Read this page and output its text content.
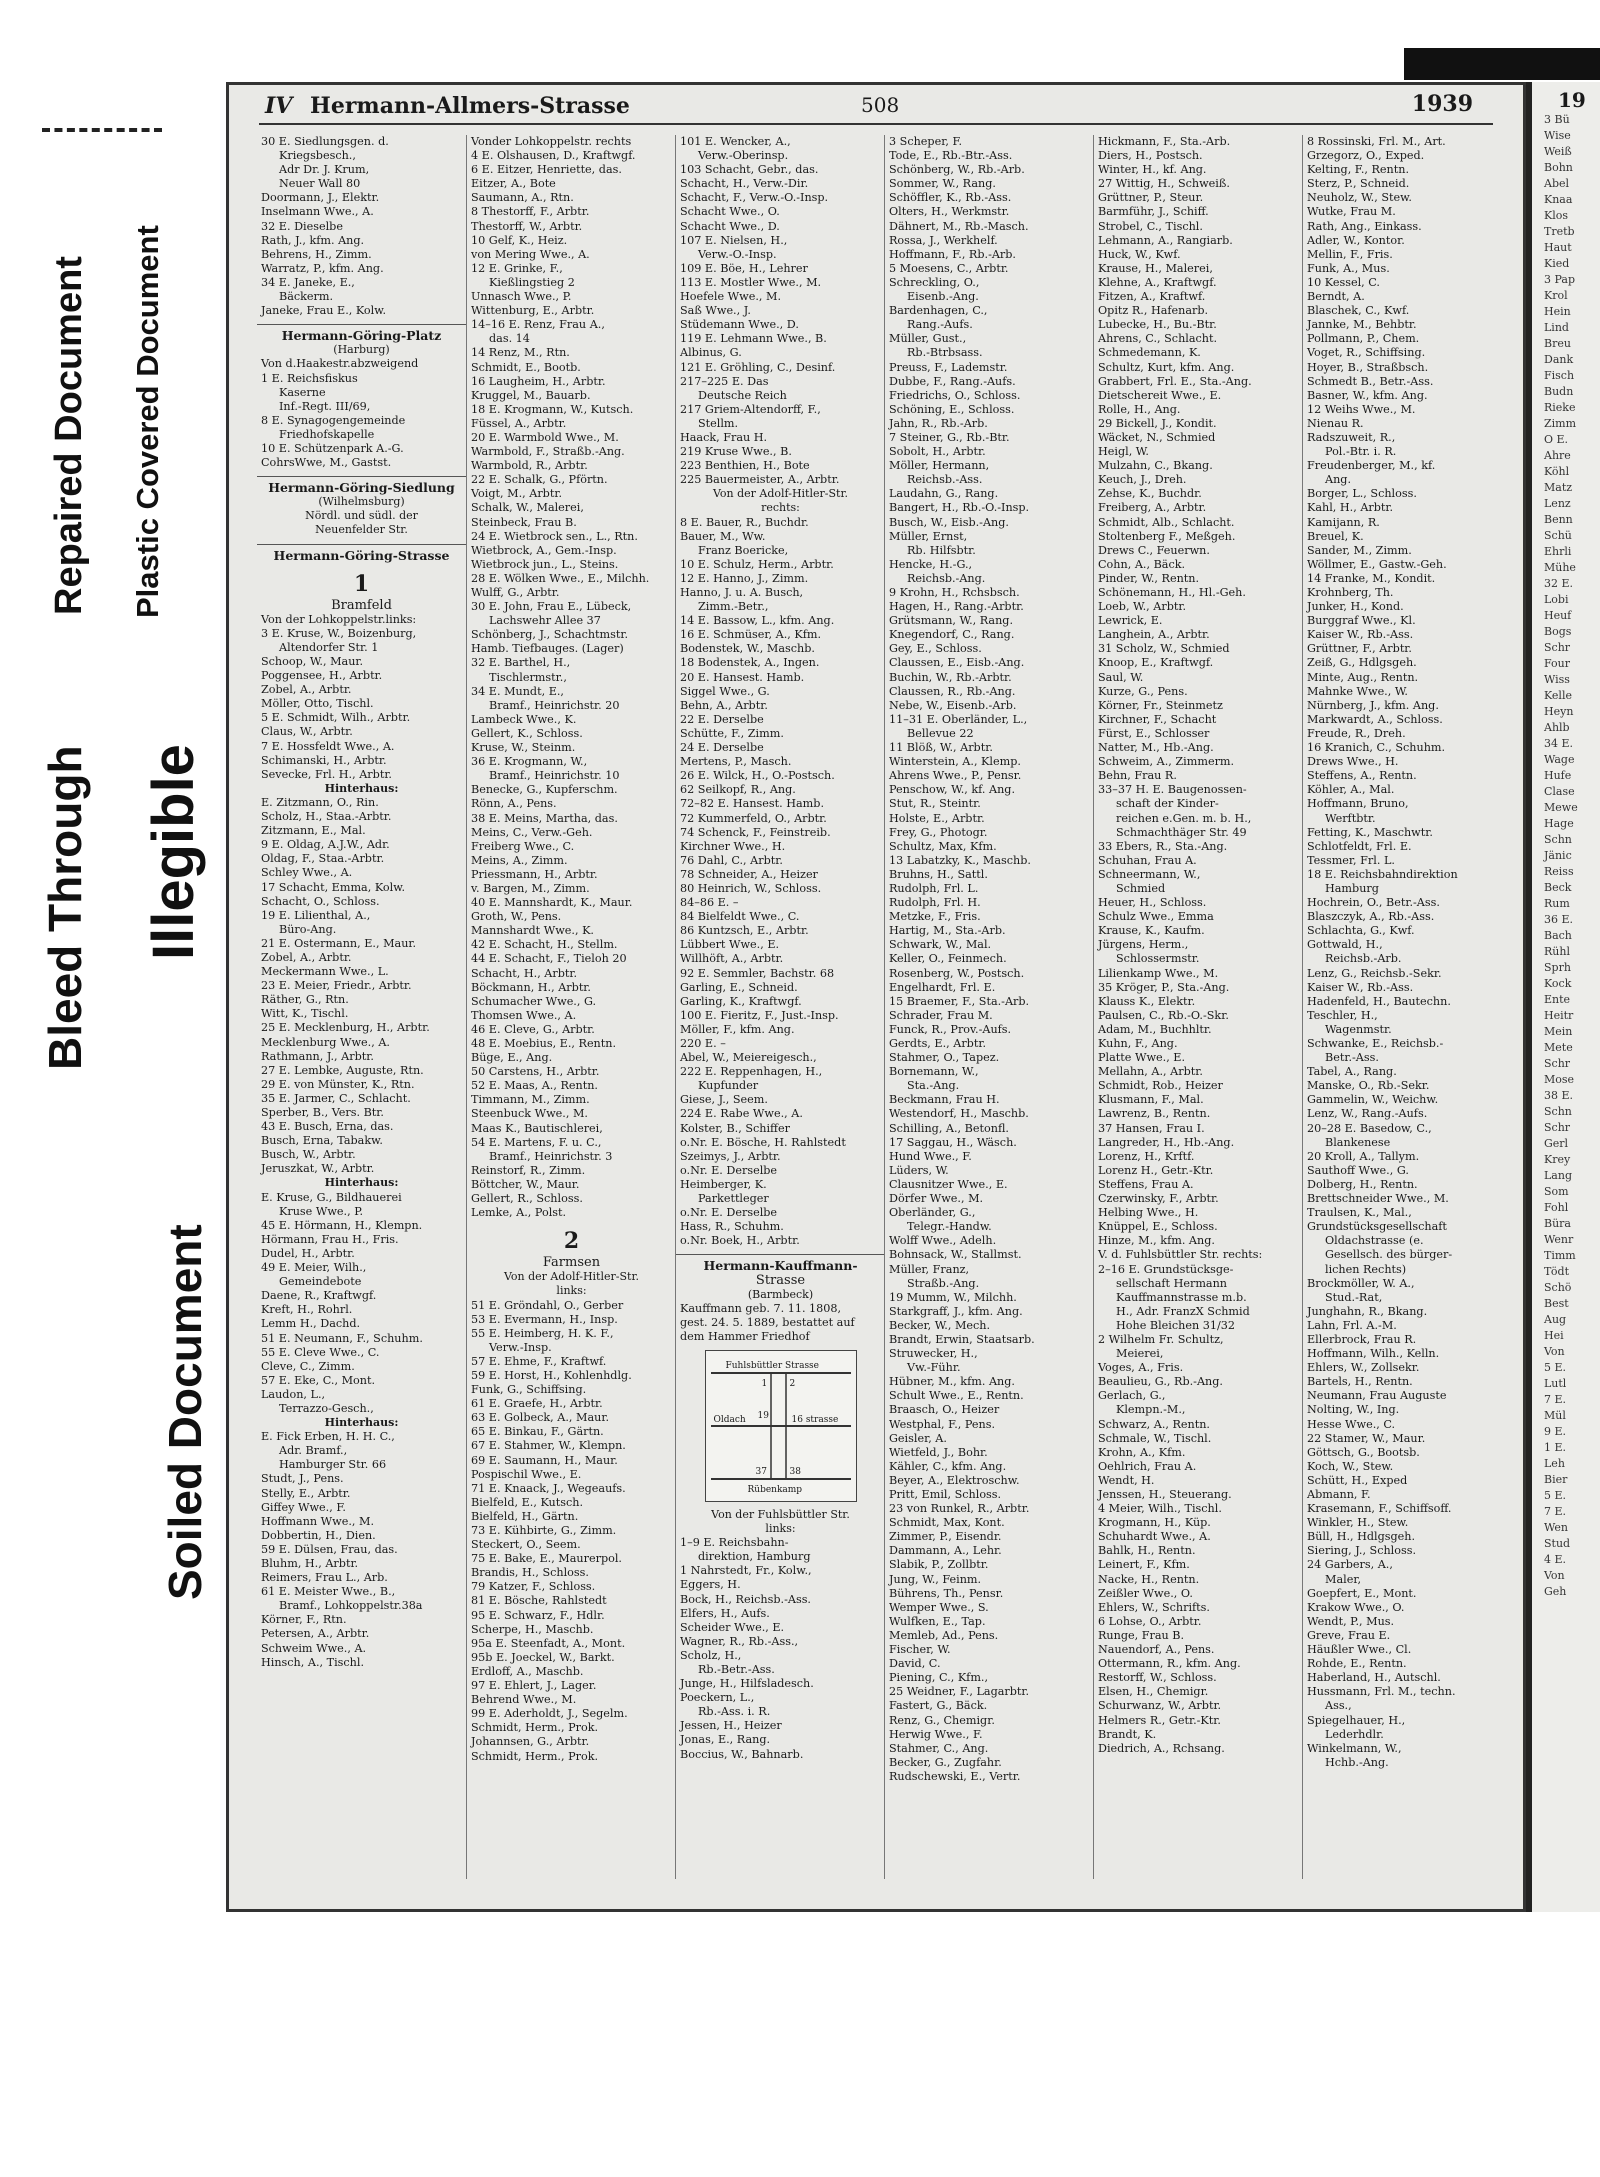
Bleed Through
Repaired Document Plastic Covered Document
Illegible
Soiled Document
IV Hermann-Allmers-Strasse	508	1939
30 E. Siedlungsgen. d.
Kriegsbesch.,
Adr Dr. J. Krum,
Neuer Wall 80
Doormann, J., Elektr.
Inselmann Wwe., A.
32 E. Dieselbe
Rath, J., kfm. Ang.
Behrens, H., Zimm.
Warratz, P., kfm. Ang.
34 E. Janeke, E.,
Bäckerm.
Janeke, Frau E., Kolw.
Hermann-Göring-Platz
(Harburg)
Von d.Haakestr.abzweigend
1 E. Reichsfiskus
Kaserne
Inf.-Regt. III/69,
8 E. Synagogengemeinde
Friedhofskapelle
10 E. Schützenpark A.-G.
CohrsWwe, M., Gastst.
Hermann-Göring-Siedlung
(Wilhelmsburg)
Nördl. und südl. der
Neuenfelder Str.
Hermann-Göring-Strasse
1
Bramfeld
Von der Lohkoppelstr.links:
3 E. Kruse, W., Boizenburg,
Altendorfer Str. 1
Schoop, W., Maur.
Poggensee, H., Arbtr.
Zobel, A., Arbtr.
Möller, Otto, Tischl.
5 E. Schmidt, Wilh., Arbtr.
Claus, W., Arbtr.
7 E. Hossfeldt Wwe., A.
Schimanski, H., Arbtr.
Sevecke, Frl. H., Arbtr.
Hinterhaus:
E. Zitzmann, O., Rin.
Scholz, H., Staa.-Arbtr.
Zitzmann, E., Mal.
9 E. Oldag, A.J.W., Adr.
Oldag, F., Staa.-Arbtr.
Schley Wwe., A.
17 Schacht, Emma, Kolw.
Schacht, O., Schloss.
19 E. Lilienthal, A.,
Büro-Ang.
21 E. Ostermann, E., Maur.
Zobel, A., Arbtr.
Meckermann Wwe., L.
23 E. Meier, Friedr., Arbtr.
Räther, G., Rtn.
Witt, K., Tischl.
25 E. Mecklenburg, H., Arbtr.
Mecklenburg Wwe., A.
Rathmann, J., Arbtr.
27 E. Lembke, Auguste, Rtn.
29 E. von Münster, K., Rtn.
35 E. Jarmer, C., Schlacht.
Sperber, B., Vers. Btr.
43 E. Busch, Erna, das.
Busch, Erna, Tabakw.
Busch, W., Arbtr.
Jeruszkat, W., Arbtr.
Hinterhaus:
E. Kruse, G., Bildhauerei
Kruse Wwe., P.
45 E. Hörmann, H., Klempn.
Hörmann, Frau H., Fris.
Dudel, H., Arbtr.
49 E. Meier, Wilh.,
Gemeindebote
Daene, R., Kraftwgf.
Kreft, H., Rohrl.
Lemm H., Dachd.
51 E. Neumann, F., Schuhm.
55 E. Cleve Wwe., C.
Cleve, C., Zimm.
57 E. Eke, C., Mont.
Laudon, L.,
Terrazzo-Gesch.,
Hinterhaus:
E. Fick Erben, H. H. C.,
Adr. Bramf.,
Hamburger Str. 66
Studt, J., Pens.
Stelly, E., Arbtr.
Giffey Wwe., F.
Hoffmann Wwe., M.
Dobbertin, H., Dien.
59 E. Dülsen, Frau, das.
Bluhm, H., Arbtr.
Reimers, Frau L., Arb.
61 E. Meister Wwe., B.,
Bramf., Lohkoppelstr.38a
Körner, F., Rtn.
Petersen, A., Arbtr.
Schweim Wwe., A.
Hinsch, A., Tischl.
Vonder Lohkoppelstr. rechts
4 E. Olshausen, D., Kraftwgf.
6 E. Eitzer, Henriette, das.
Eitzer, A., Bote
Saumann, A., Rtn.
8 Thestorff, F., Arbtr.
Thestorff, W., Arbtr.
10 Gelf, K., Heiz.
von Mering Wwe., A.
12 E. Grinke, F.,
Kießlingstieg 2
Unnasch Wwe., P.
Wittenburg, E., Arbtr.
14–16 E. Renz, Frau A.,
das. 14
14 Renz, M., Rtn.
Schmidt, E., Bootb.
16 Laugheim, H., Arbtr.
Kruggel, M., Bauarb.
18 E. Krogmann, W., Kutsch.
Füssel, A., Arbtr.
20 E. Warmbold Wwe., M.
Warmbold, F., Straßb.-Ang.
Warmbold, R., Arbtr.
22 E. Schalk, G., Pförtn.
Voigt, M., Arbtr.
Schalk, W., Malerei,
Steinbeck, Frau B.
24 E. Wietbrock sen., L., Rtn.
Wietbrock, A., Gem.-Insp.
Wietbrock jun., L., Steins.
28 E. Wölken Wwe., E., Milchh.
Wulff, G., Arbtr.
30 E. John, Frau E., Lübeck,
Lachswehr Allee 37
Schönberg, J., Schachtmstr.
Hamb. Tiefbauges. (Lager)
32 E. Barthel, H.,
Tischlermstr.,
34 E. Mundt, E.,
Bramf., Heinrichstr. 20
Lambeck Wwe., K.
Gellert, K., Schloss.
Kruse, W., Steinm.
36 E. Krogmann, W.,
Bramf., Heinrichstr. 10
Benecke, G., Kupferschm.
Rönn, A., Pens.
38 E. Meins, Martha, das.
Meins, C., Verw.-Geh.
Freiberg Wwe., C.
Meins, A., Zimm.
Priessmann, H., Arbtr.
v. Bargen, M., Zimm.
40 E. Mannshardt, K., Maur.
Groth, W., Pens.
Mannshardt Wwe., K.
42 E. Schacht, H., Stellm.
44 E. Schacht, F., Tieloh 20
Schacht, H., Arbtr.
Böckmann, H., Arbtr.
Schumacher Wwe., G.
Thomsen Wwe., A.
46 E. Cleve, G., Arbtr.
48 E. Moebius, E., Rentn.
Büge, E., Ang.
50 Carstens, H., Arbtr.
52 E. Maas, A., Rentn.
Timmann, M., Zimm.
Steenbuck Wwe., M.
Maas K., Bautischlerei,
54 E. Martens, F. u. C.,
Bramf., Heinrichstr. 3
Reinstorf, R., Zimm.
Böttcher, W., Maur.
Gellert, R., Schloss.
Lemke, A., Polst.
2
Farmsen
Von der Adolf-Hitler-Str.
links:
51 E. Gröndahl, O., Gerber
53 E. Evermann, H., Insp.
55 E. Heimberg, H. K. F.,
Verw.-Insp.
57 E. Ehme, F., Kraftwf.
59 E. Horst, H., Kohlenhdlg.
Funk, G., Schiffsing.
61 E. Graefe, H., Arbtr.
63 E. Golbeck, A., Maur.
65 E. Binkau, F., Gärtn.
67 E. Stahmer, W., Klempn.
69 E. Saumann, H., Maur.
Pospischil Wwe., E.
71 E. Knaack, J., Wegeaufs.
Bielfeld, E., Kutsch.
Bielfeld, H., Gärtn.
73 E. Kühbirte, G., Zimm.
Steckert, O., Seem.
75 E. Bake, E., Maurerpol.
Brandis, H., Schloss.
79 Katzer, F., Schloss.
81 E. Bösche, Rahlstedt
95 E. Schwarz, F., Hdlr.
Scherpe, H., Maschb.
95a E. Steenfadt, A., Mont.
95b E. Joeckel, W., Barkt.
Erdloff, A., Maschb.
97 E. Ehlert, J., Lager.
Behrend Wwe., M.
99 E. Aderholdt, J., Segelm.
Schmidt, Herm., Prok.
Johannsen, G., Arbtr.
Schmidt, Herm., Prok.
101 E. Wencker, A.,
Verw.-Oberinsp.
103 Schacht, Gebr., das.
Schacht, H., Verw.-Dir.
Schacht, F., Verw.-O.-Insp.
Schacht Wwe., O.
Schacht Wwe., D.
107 E. Nielsen, H.,
Verw.-O.-Insp.
109 E. Böe, H., Lehrer
113 E. Mostler Wwe., M.
Hoefele Wwe., M.
Saß Wwe., J.
Stüdemann Wwe., D.
119 E. Lehmann Wwe., B.
Albinus, G.
121 E. Gröhling, C., Desinf.
217–225 E. Das
Deutsche Reich
217 Griem-Altendorff, F.,
Stellm.
Haack, Frau H.
219 Kruse Wwe., B.
223 Benthien, H., Bote
225 Bauermeister, A., Arbtr.
Von der Adolf-Hitler-Str.
rechts:
8 E. Bauer, R., Buchdr.
Bauer, M., Ww.
Franz Boericke,
10 E. Schulz, Herm., Arbtr.
12 E. Hanno, J., Zimm.
Hanno, J. u. A. Busch,
Zimm.-Betr.,
14 E. Bassow, L., kfm. Ang.
16 E. Schmüser, A., Kfm.
Bodenstek, W., Maschb.
18 Bodenstek, A., Ingen.
20 E. Hansest. Hamb.
Siggel Wwe., G.
Behn, A., Arbtr.
22 E. Derselbe
Schütte, F., Zimm.
24 E. Derselbe
Mertens, P., Masch.
26 E. Wilck, H., O.-Postsch.
62 Seilkopf, R., Ang.
72–82 E. Hansest. Hamb.
72 Kummerfeld, O., Arbtr.
74 Schenck, F., Feinstreib.
Kirchner Wwe., H.
76 Dahl, C., Arbtr.
78 Schneider, A., Heizer
80 Heinrich, W., Schloss.
84–86 E. –
84 Bielfeldt Wwe., C.
86 Kuntzsch, E., Arbtr.
Lübbert Wwe., E.
Willhöft, A., Arbtr.
92 E. Semmler, Bachstr. 68
Garling, E., Schneid.
Garling, K., Kraftwgf.
100 E. Fieritz, F., Just.-Insp.
Möller, F., kfm. Ang.
220 E. –
Abel, W., Meiereigesch.,
222 E. Reppenhagen, H.,
Kupfunder
Giese, J., Seem.
224 E. Rabe Wwe., A.
Kolster, B., Schiffer
o.Nr. E. Bösche, H. Rahlstedt
Szeimys, J., Arbtr.
o.Nr. E. Derselbe
Heimberger, K.
Parkettleger
o.Nr. E. Derselbe
Hass, R., Schuhm.
o.Nr. Boek, H., Arbtr.
Hermann-Kauffmann-
Strasse
(Barmbeck)
Kauffmann geb. 7. 11. 1808,
gest. 24. 5. 1889, bestattet auf
dem Hammer Friedhof
Fuhlsbüttler Strasse
Oldach	16 strasse
Rübenkamp
1 2
19
37	38
Von der Fuhlsbüttler Str.
links:
1–9 E. Reichsbahn-
direktion, Hamburg
1 Nahrstedt, Fr., Kolw.,
Eggers, H.
Bock, H., Reichsb.-Ass.
Elfers, H., Aufs.
Scheider Wwe., E.
Wagner, R., Rb.-Ass.,
Scholz, H.,
Rb.-Betr.-Ass.
Junge, H., Hilfsladesch.
Poeckern, L.,
Rb.-Ass. i. R.
Jessen, H., Heizer
Jonas, E., Rang.
Boccius, W., Bahnarb.
3 Scheper, F.
Tode, E., Rb.-Btr.-Ass.
Schönberg, W., Rb.-Arb.
Sommer, W., Rang.
Schöffler, K., Rb.-Ass.
Olters, H., Werkmstr.
Dähnert, M., Rb.-Masch.
Rossa, J., Werkhelf.
Hoffmann, F., Rb.-Arb.
5 Moesens, C., Arbtr.
Schreckling, O.,
Eisenb.-Ang.
Bardenhagen, C.,
Rang.-Aufs.
Müller, Gust.,
Rb.-Btrbsass.
Preuss, F., Lademstr.
Dubbe, F., Rang.-Aufs.
Friedrichs, O., Schloss.
Schöning, E., Schloss.
Jahn, R., Rb.-Arb.
7 Steiner, G., Rb.-Btr.
Sobolt, H., Arbtr.
Möller, Hermann,
Reichsb.-Ass.
Laudahn, G., Rang.
Bangert, H., Rb.-O.-Insp.
Busch, W., Eisb.-Ang.
Müller, Ernst,
Rb. Hilfsbtr.
Hencke, H.-G.,
Reichsb.-Ang.
9 Krohn, H., Rchsbsch.
Hagen, H., Rang.-Arbtr.
Grütsmann, W., Rang.
Knegendorf, C., Rang.
Gey, E., Schloss.
Claussen, E., Eisb.-Ang.
Buchin, W., Rb.-Arbtr.
Claussen, R., Rb.-Ang.
Nebe, W., Eisenb.-Arb.
11–31 E. Oberländer, L.,
Bellevue 22
11 Blöß, W., Arbtr.
Winterstein, A., Klemp.
Ahrens Wwe., P., Pensr.
Penschow, W., kf. Ang.
Stut, R., Steintr.
Holste, E., Arbtr.
Frey, G., Photogr.
Schultz, Max, Kfm.
13 Labatzky, K., Maschb.
Bruhns, H., Sattl.
Rudolph, Frl. L.
Rudolph, Frl. H.
Metzke, F., Fris.
Hartig, M., Sta.-Arb.
Schwark, W., Mal.
Keller, O., Feinmech.
Rosenberg, W., Postsch.
Engelhardt, Frl. E.
15 Braemer, F., Sta.-Arb.
Schrader, Frau M.
Funck, R., Prov.-Aufs.
Gerdts, E., Arbtr.
Stahmer, O., Tapez.
Bornemann, W.,
Sta.-Ang.
Beckmann, Frau H.
Westendorf, H., Maschb.
Schilling, A., Betonfl.
17 Saggau, H., Wäsch.
Hund Wwe., F.
Lüders, W.
Clausnitzer Wwe., E.
Dörfer Wwe., M.
Oberländer, G.,
Telegr.-Handw.
Wolff Wwe., Adelh.
Bohnsack, W., Stallmst.
Müller, Franz,
Straßb.-Ang.
19 Mumm, W., Milchh.
Starkgraff, J., kfm. Ang.
Becker, W., Mech.
Brandt, Erwin, Staatsarb.
Struwecker, H.,
Vw.-Führ.
Hübner, M., kfm. Ang.
Schult Wwe., E., Rentn.
Braasch, O., Heizer
Westphal, F., Pens.
Geisler, A.
Wietfeld, J., Bohr.
Kähler, C., kfm. Ang.
Beyer, A., Elektroschw.
Pritt, Emil, Schloss.
23 von Runkel, R., Arbtr.
Schmidt, Max, Kont.
Zimmer, P., Eisendr.
Dammann, A., Lehr.
Slabik, P., Zollbtr.
Jung, W., Feinm.
Bührens, Th., Pensr.
Wemper Wwe., S.
Wulfken, E., Tap.
Memleb, Ad., Pens.
Fischer, W.
David, C.
Piening, C., Kfm.,
25 Weidner, F., Lagarbtr.
Fastert, G., Bäck.
Renz, G., Chemigr.
Herwig Wwe., F.
Stahmer, C., Ang.
Becker, G., Zugfahr.
Rudschewski, E., Vertr.
Hickmann, F., Sta.-Arb.
Diers, H., Postsch.
Winter, H., kf. Ang.
27 Wittig, H., Schweiß.
Grüttner, P., Steur.
Barmführ, J., Schiff.
Strobel, C., Tischl.
Lehmann, A., Rangiarb.
Huck, W., Kwf.
Krause, H., Malerei,
Klehne, A., Kraftwgf.
Fitzen, A., Kraftwf.
Opitz R., Hafenarb.
Lubecke, H., Bu.-Btr.
Ahrens, C., Schlacht.
Schmedemann, K.
Schultz, Kurt, kfm. Ang.
Grabbert, Frl. E., Sta.-Ang.
Dietschereit Wwe., E.
Rolle, H., Ang.
29 Bickell, J., Kondit.
Wäcket, N., Schmied
Heigl, W.
Mulzahn, C., Bkang.
Keuch, J., Dreh.
Zehse, K., Buchdr.
Freiberg, A., Arbtr.
Schmidt, Alb., Schlacht.
Stoltenberg F., Meßgeh.
Drews C., Feuerwn.
Cohn, A., Bäck.
Pinder, W., Rentn.
Schönemann, H., Hl.-Geh.
Loeb, W., Arbtr.
Lewrick, E.
Langhein, A., Arbtr.
31 Scholz, W., Schmied
Knoop, E., Kraftwgf.
Saul, W.
Kurze, G., Pens.
Körner, Fr., Steinmetz
Kirchner, F., Schacht
Fürst, E., Schlosser
Natter, M., Hb.-Ang.
Schweim, A., Zimmerm.
Behn, Frau R.
33–37 H. E. Baugenossen-
schaft der Kinder-
reichen e.Gen. m. b. H.,
Schmachthäger Str. 49
33 Ebers, R., Sta.-Ang.
Schuhan, Frau A.
Schneermann, W.,
Schmied
Heuer, H., Schloss.
Schulz Wwe., Emma
Krause, K., Kaufm.
Jürgens, Herm.,
Schlossermstr.
Lilienkamp Wwe., M.
35 Kröger, P., Sta.-Ang.
Klauss K., Elektr.
Paulsen, C., Rb.-O.-Skr.
Adam, M., Buchhltr.
Kuhn, F., Ang.
Platte Wwe., E.
Mellahn, A., Arbtr.
Schmidt, Rob., Heizer
Klusmann, F., Mal.
Lawrenz, B., Rentn.
37 Hansen, Frau I.
Langreder, H., Hb.-Ang.
Lorenz, H., Krftf.
Lorenz H., Getr.-Ktr.
Steffens, Frau A.
Czerwinsky, F., Arbtr.
Helbing Wwe., H.
Knüppel, E., Schloss.
Hinze, M., kfm. Ang.
V. d. Fuhlsbüttler Str. rechts:
2–16 E. Grundstücksge-
sellschaft Hermann
Kauffmannstrasse m.b.
H., Adr. FranzX Schmid
Hohe Bleichen 31/32
2 Wilhelm Fr. Schultz,
Meierei,
Voges, A., Fris.
Beaulieu, G., Rb.-Ang.
Gerlach, G.,
Klempn.-M.,
Schwarz, A., Rentn.
Schmale, W., Tischl.
Krohn, A., Kfm.
Oehlrich, Frau A.
Wendt, H.
Jenssen, H., Steuerang.
4 Meier, Wilh., Tischl.
Krogmann, H., Küp.
Schuhardt Wwe., A.
Bahlk, H., Rentn.
Leinert, F., Kfm.
Nacke, H., Rentn.
Zeißler Wwe., O.
Ehlers, W., Schrifts.
6 Lohse, O., Arbtr.
Runge, Frau B.
Nauendorf, A., Pens.
Ottermann, R., kfm. Ang.
Restorff, W., Schloss.
Elsen, H., Chemigr.
Schurwanz, W., Arbtr.
Helmers R., Getr.-Ktr.
Brandt, K.
Diedrich, A., Rchsang.
8 Rossinski, Frl. M., Art.
Grzegorz, O., Exped.
Kelting, F., Rentn.
Sterz, P., Schneid.
Neuholz, W., Stew.
Wutke, Frau M.
Rath, Ang., Einkass.
Adler, W., Kontor.
Mellin, F., Fris.
Funk, A., Mus.
10 Kessel, C.
Berndt, A.
Blaschek, C., Kwf.
Jannke, M., Behbtr.
Pollmann, P., Chem.
Voget, R., Schiffsing.
Hoyer, B., Straßbsch.
Schmedt B., Betr.-Ass.
Basner, W., kfm. Ang.
12 Weihs Wwe., M.
Nienau R.
Radszuweit, R.,
Pol.-Btr. i. R.
Freudenberger, M., kf.
Ang.
Borger, L., Schloss.
Kahl, H., Arbtr.
Kamijann, R.
Breuel, K.
Sander, M., Zimm.
Wöllmer, E., Gastw.-Geh.
14 Franke, M., Kondit.
Krohnberg, Th.
Junker, H., Kond.
Burggraf Wwe., Kl.
Kaiser W., Rb.-Ass.
Grüttner, F., Arbtr.
Zeiß, G., Hdlgsgeh.
Minte, Aug., Rentn.
Mahnke Wwe., W.
Nürnberg, J., kfm. Ang.
Markwardt, A., Schloss.
Freude, R., Dreh.
16 Kranich, C., Schuhm.
Drews Wwe., H.
Steffens, A., Rentn.
Köhler, A., Mal.
Hoffmann, Bruno,
Werftbtr.
Fetting, K., Maschwtr.
Schlotfeldt, Frl. E.
Tessmer, Frl. L.
18 E. Reichsbahndirektion
Hamburg
Hochrein, O., Betr.-Ass.
Blaszczyk, A., Rb.-Ass.
Schlachta, G., Kwf.
Gottwald, H.,
Reichsb.-Arb.
Lenz, G., Reichsb.-Sekr.
Kaiser W., Rb.-Ass.
Hadenfeld, H., Bautechn.
Teschler, H.,
Wagenmstr.
Schwanke, E., Reichsb.-
Betr.-Ass.
Tabel, A., Rang.
Manske, O., Rb.-Sekr.
Gammelin, W., Weichw.
Lenz, W., Rang.-Aufs.
20–28 E. Basedow, C.,
Blankenese
20 Kroll, A., Tallym.
Sauthoff Wwe., G.
Dolberg, H., Rentn.
Brettschneider Wwe., M.
Traulsen, K., Mal.,
Grundstücksgesellschaft
Oldachstrasse (e.
Gesellsch. des bürger-
lichen Rechts)
Brockmöller, W. A.,
Stud.-Rat,
Junghahn, R., Bkang.
Lahn, Frl. A.-M.
Ellerbrock, Frau R.
Hoffmann, Wilh., Kelln.
Ehlers, W., Zollsekr.
Bartels, H., Rentn.
Neumann, Frau Auguste
Nolting, W., Ing.
Hesse Wwe., C.
22 Stamer, W., Maur.
Göttsch, G., Bootsb.
Koch, W., Stew.
Schütt, H., Exped
Abmann, F.
Krasemann, F., Schiffsoff.
Winkler, H., Stew.
Büll, H., Hdlgsgeh.
Siering, J., Schloss.
24 Garbers, A.,
Maler,
Goepfert, E., Mont.
Krakow Wwe., O.
Wendt, P., Mus.
Greve, Frau E.
Häußler Wwe., Cl.
Rohde, E., Rentn.
Haberland, H., Autschl.
Hussmann, Frl. M., techn.
Ass.,
Spiegelhauer, H.,
Lederhdlr.
Winkelmann, W.,
Hchb.-Ang.
19
3 Bü
Wise
Weiß
Bohn
Abel
Knaa
Klos
Tretb
Haut
Kied
3 Pap
Krol
Hein
Lind
Breu
Dank
Fisch
Budn
Rieke
Zimm
O E.
Ahre
Köhl
Matz
Lenz
Benn
Schü
Ehrli
Mühe
32 E.
Lobi
Heuf
Bogs
Schr
Four
Wiss
Kelle
Heyn
Ahlb
34 E.
Wage
Hufe
Clase
Mewe
Hage
Schn
Jänic
Reiss
Beck
Rum
36 E.
Bach
Rühl
Sprh
Kock
Ente
Heitr
Mein
Mete
Schr
Mose
38 E.
Schn
Schr
Gerl
Krey
Lang
Som
Fohl
Büra
Wenr
Timm
Tödt
Schö
Best
Aug
Hei
Von
5 E.
Lutl
7 E.
Mül
9 E.
1 E.
Leh
Bier
5 E.
7 E.
Wen
Stud
4 E.
Von
Geh
